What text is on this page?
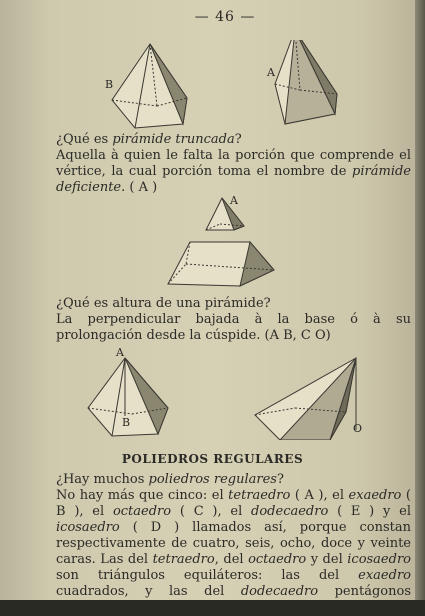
— 46 —
B
A
¿Qué es pirámide truncada?
Aquella à quien le falta la porción que comprende el vértice, la cual porción toma el nombre de pirámide deficiente. ( A )
A
¿Qué es altura de una pirámide?
La perpendicular bajada à la base ó à su prolongación desde la cúspide. (A B, C O)
A
B	O
POLIEDROS REGULARES
¿Hay muchos poliedros regulares?
No hay más que cinco: el tetraedro ( A ), el exaedro ( B ), el octaedro ( C ), el dodecaedro ( E ) y el icosaedro ( D ) llamados así, porque constan respectivamente de cuatro, seis, ocho, doce y veinte caras. Las del tetraedro, del octaedro y del icosaedro son triángulos equiláteros: las del exaedro cuadrados, y las del dodecaedro pentágonos regulares.
